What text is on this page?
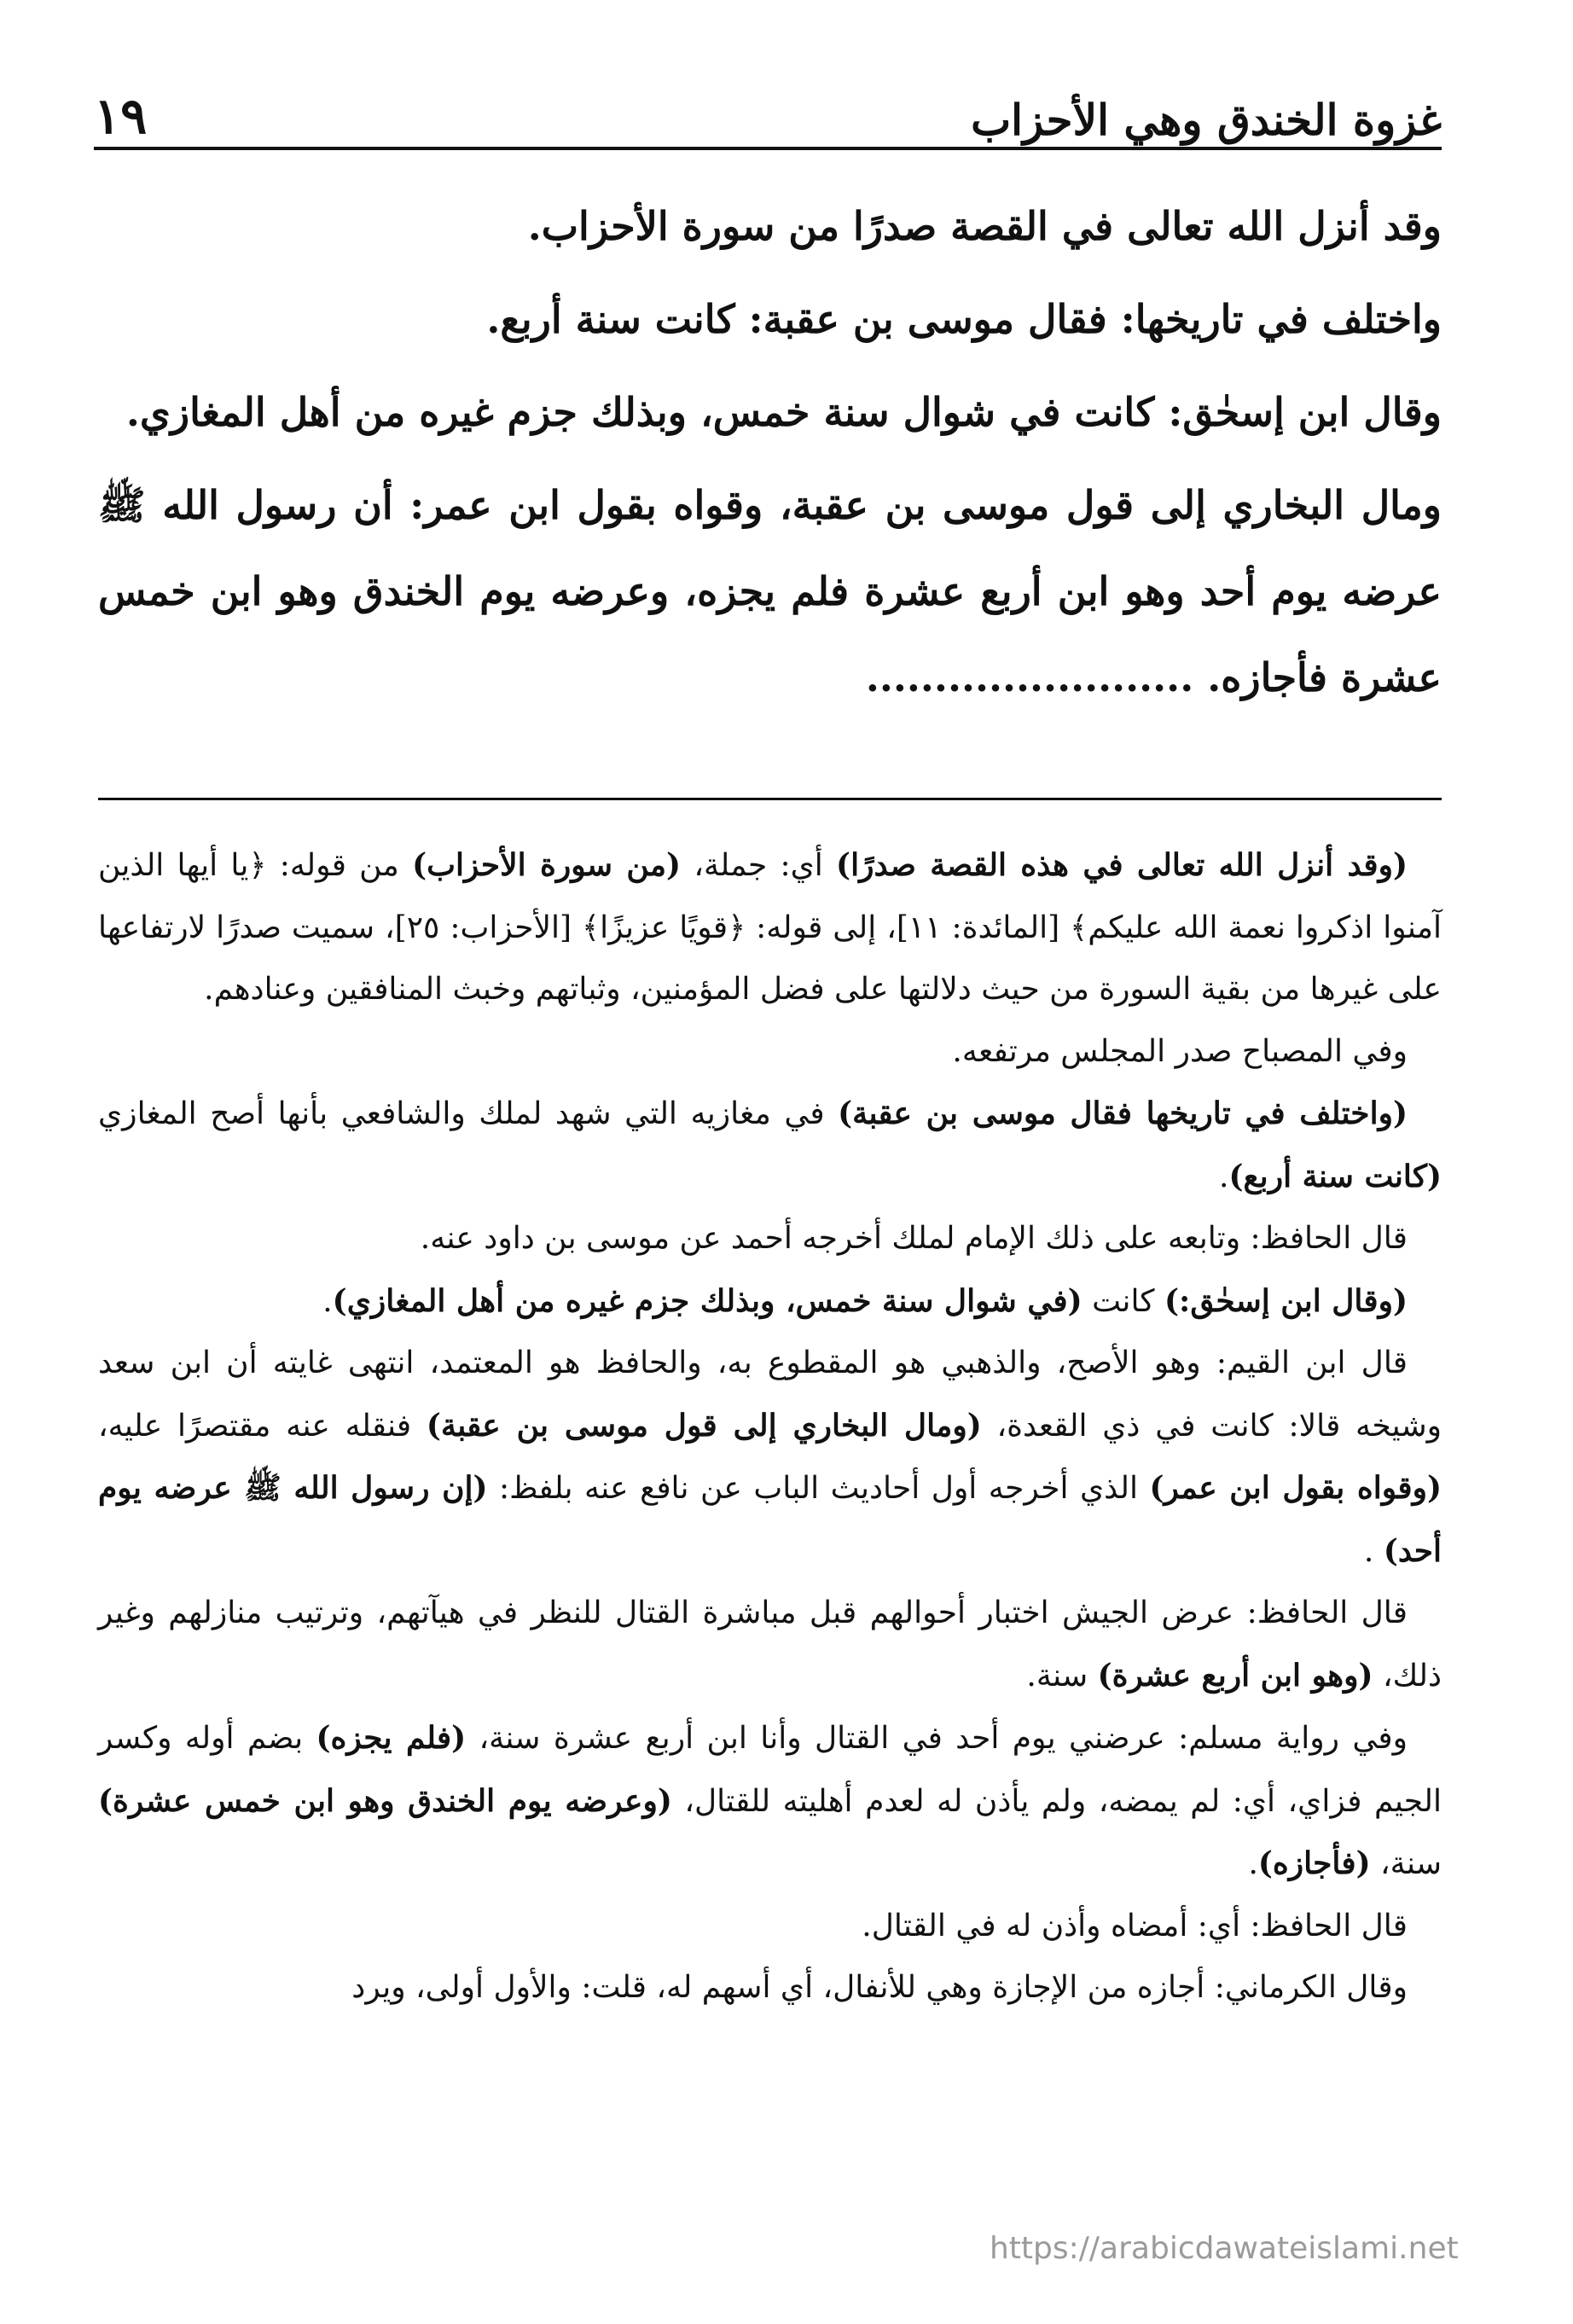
١٩	غزوة الخندق وهي الأحزاب

وقد أنزل الله تعالى في القصة صدرًا من سورة الأحزاب.

واختلف في تاريخها: فقال موسى بن عقبة: كانت سنة أربع.

وقال ابن إسحٰق: كانت في شوال سنة خمس، وبذلك جزم غيره من أهل المغازي.

ومال البخاري إلى قول موسى بن عقبة، وقواه بقول ابن عمر: أن رسول الله ﷺ عرضه يوم أحد وهو ابن أربع عشرة فلم يجزه، وعرضه يوم الخندق وهو ابن خمس عشرة فأجازه. ........................

(وقد أنزل الله تعالى في هذه القصة صدرًا) أي: جملة، (من سورة الأحزاب) من قوله: ﴿يا أيها الذين آمنوا اذكروا نعمة الله عليكم﴾ [المائدة: ١١]، إلى قوله: ﴿قويًا عزيزًا﴾ [الأحزاب: ٢٥]، سميت صدرًا لارتفاعها على غيرها من بقية السورة من حيث دلالتها على فضل المؤمنين، وثباتهم وخبث المنافقين وعنادهم.

وفي المصباح صدر المجلس مرتفعه.

(واختلف في تاريخها فقال موسى بن عقبة) في مغازيه التي شهد لملك والشافعي بأنها أصح المغازي (كانت سنة أربع).

قال الحافظ: وتابعه على ذلك الإمام لملك أخرجه أحمد عن موسى بن داود عنه.

(وقال ابن إسحٰق:) كانت (في شوال سنة خمس، وبذلك جزم غيره من أهل المغازي).

قال ابن القيم: وهو الأصح، والذهبي هو المقطوع به، والحافظ هو المعتمد، انتهى غايته أن ابن سعد وشيخه قالا: كانت في ذي القعدة، (ومال البخاري إلى قول موسى بن عقبة) فنقله عنه مقتصرًا عليه، (وقواه بقول ابن عمر) الذي أخرجه أول أحاديث الباب عن نافع عنه بلفظ: (إن رسول الله ﷺ عرضه يوم أحد) .

قال الحافظ: عرض الجيش اختبار أحوالهم قبل مباشرة القتال للنظر في هيآتهم، وترتيب منازلهم وغير ذلك، (وهو ابن أربع عشرة) سنة.

وفي رواية مسلم: عرضني يوم أحد في القتال وأنا ابن أربع عشرة سنة، (فلم يجزه) بضم أوله وكسر الجيم فزاي، أي: لم يمضه، ولم يأذن له لعدم أهليته للقتال، (وعرضه يوم الخندق وهو ابن خمس عشرة) سنة، (فأجازه).

قال الحافظ: أي: أمضاه وأذن له في القتال.

وقال الكرماني: أجازه من الإجازة وهي للأنفال، أي أسهم له، قلت: والأول أولى، ويرد

https://arabicdawateislami.net
